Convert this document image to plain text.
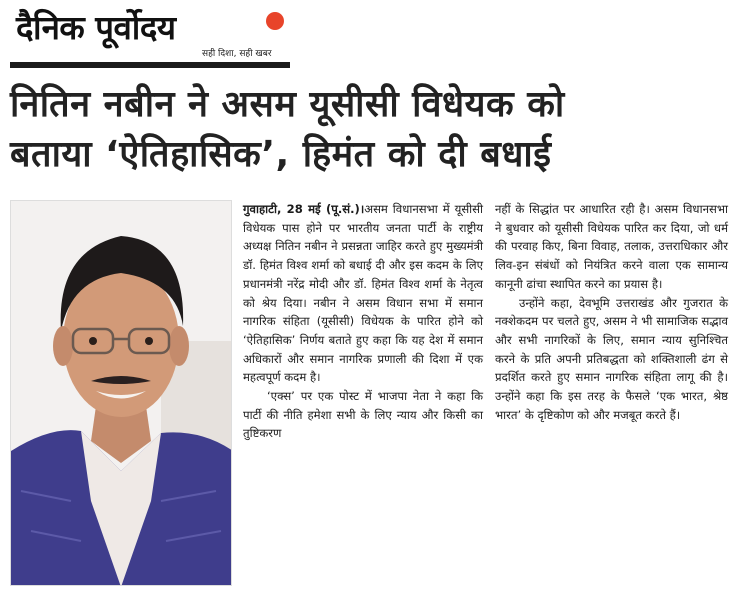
दैनिक पूर्वोदय
सही दिशा, सही खबर
नितिन नबीन ने असम यूसीसी विधेयक को
बताया ‘ऐतिहासिक’, हिमंत को दी बधाई

गुवाहाटी, 28 मई (पू.सं.)।असम विधानसभा में यूसीसी विधेयक पास होने पर भारतीय जनता पार्टी के राष्ट्रीय अध्यक्ष नितिन नबीन ने प्रसन्नता जाहिर करते हुए मुख्यमंत्री डॉ. हिमंत विश्व शर्मा को बधाई दी और इस कदम के लिए प्रधानमंत्री नरेंद्र मोदी और डॉ. हिमंत विश्व शर्मा के नेतृत्व को श्रेय दिया। नबीन ने असम विधान सभा में समान नागरिक संहिता (यूसीसी) विधेयक के पारित होने को ‘ऐतिहासिक’ निर्णय बताते हुए कहा कि यह देश में समान अधिकारों और समान नागरिक प्रणाली की दिशा में एक महत्वपूर्ण कदम है।

‘एक्स’ पर एक पोस्ट में भाजपा नेता ने कहा कि पार्टी की नीति हमेशा सभी के लिए न्याय और किसी का तुष्टिकरण

नहीं के सिद्धांत पर आधारित रही है। असम विधानसभा ने बुधवार को यूसीसी विधेयक पारित कर दिया, जो धर्म की परवाह किए, बिना विवाह, तलाक, उत्तराधिकार और लिव-इन संबंधों को नियंत्रित करने वाला एक सामान्य कानूनी ढांचा स्थापित करने का प्रयास है।

उन्होंने कहा, देवभूमि उत्तराखंड और गुजरात के नक्शेकदम पर चलते हुए, असम ने भी सामाजिक सद्भाव और सभी नागरिकों के लिए, समान न्याय सुनिश्चित करने के प्रति अपनी प्रतिबद्धता को शक्तिशाली ढंग से प्रदर्शित करते हुए समान नागरिक संहिता लागू की है। उन्होंने कहा कि इस तरह के फैसले ‘एक भारत, श्रेष्ठ भारत’ के दृष्टिकोण को और मजबूत करते हैं।
